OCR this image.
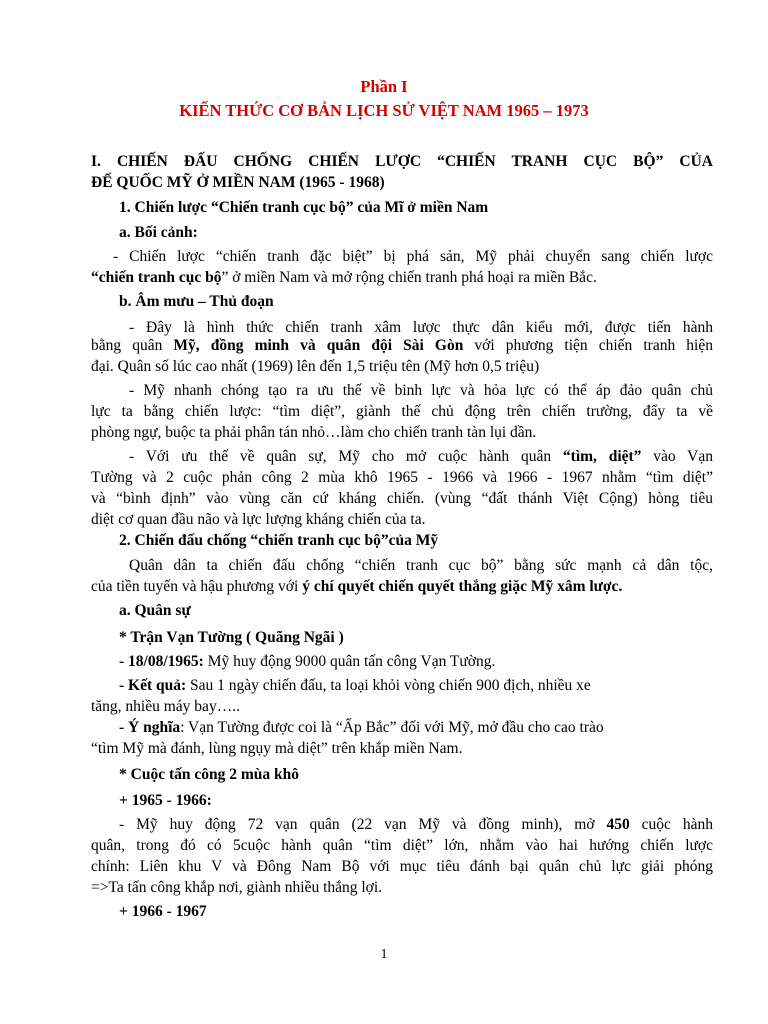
Phần I
KIẾN THỨC CƠ BẢN LỊCH SỬ VIỆT NAM 1965 – 1973
I. CHIẾN ĐẤU CHỐNG CHIẾN LƯỢC “CHIẾN TRANH CỤC BỘ” CỦA
ĐẾ QUỐC MỸ Ở MIỀN NAM (1965 - 1968)
1. Chiến lược “Chiến tranh cục bộ” của Mĩ ở miền Nam
a. Bối cảnh:
- Chiến lược “chiến tranh đặc biệt” bị phá sản, Mỹ phải chuyển sang chiến lược
“chiến tranh cục bộ” ở miền Nam và mở rộng chiến tranh phá hoại ra miền Bắc.
b. Âm mưu – Thủ đoạn
- Đây là hình thức chiến tranh xâm lược thực dân kiểu mới, được tiến hành
bằng quân Mỹ, đồng minh và quân đội Sài Gòn với phương tiện chiến tranh hiện
đại. Quân số lúc cao nhất (1969) lên đến 1,5 triệu tên (Mỹ hơn 0,5 triệu)
- Mỹ nhanh chóng tạo ra ưu thế về binh lực và hỏa lực có thể áp đảo quân chủ
lực ta bằng chiến lược: “tìm diệt”, giành thế chủ động trên chiến trường, đẩy ta về
phòng ngự, buộc ta phải phân tán nhỏ…làm cho chiến tranh tàn lụi dần.
- Với ưu thế về quân sự, Mỹ cho mở cuộc hành quân “tìm, diệt” vào Vạn
Tường và 2 cuộc phản công 2 mùa khô 1965 - 1966 và 1966 - 1967 nhằm “tìm diệt”
và “bình định” vào vùng căn cứ kháng chiến. (vùng “đất thánh Việt Cộng) hòng tiêu
diệt cơ quan đầu não và lực lượng kháng chiến của ta.
2. Chiến đấu chống “chiến tranh cục bộ”của Mỹ
Quân dân ta chiến đấu chống “chiến tranh cục bộ” bằng sức mạnh cả dân tộc,
của tiền tuyến và hậu phương với ý chí quyết chiến quyết thắng giặc Mỹ xâm lược.
a. Quân sự
* Trận Vạn Tường ( Quãng Ngãi )
- 18/08/1965: Mỹ huy động 9000 quân tấn công Vạn Tường.
- Kết quả: Sau 1 ngày chiến đấu, ta loại khỏi vòng chiến 900 địch, nhiều xe
tăng, nhiều máy bay…..
- Ý nghĩa: Vạn Tường được coi là “Ấp Bắc” đối với Mỹ, mở đầu cho cao trào
“tìm Mỹ mà đánh, lùng ngụy mà diệt” trên khắp miền Nam.
* Cuộc tấn công 2 mùa khô
+ 1965 - 1966:
- Mỹ huy động 72 vạn quân (22 vạn Mỹ và đồng minh), mở 450 cuộc hành
quân, trong đó có 5cuộc hành quân “tìm diệt” lớn, nhằm vào hai hướng chiến lược
chính: Liên khu V và Đông Nam Bộ với mục tiêu đánh bại quân chủ lực giải phóng
=>Ta tấn công khắp nơi, giành nhiều thắng lợi.
+ 1966 - 1967
1
